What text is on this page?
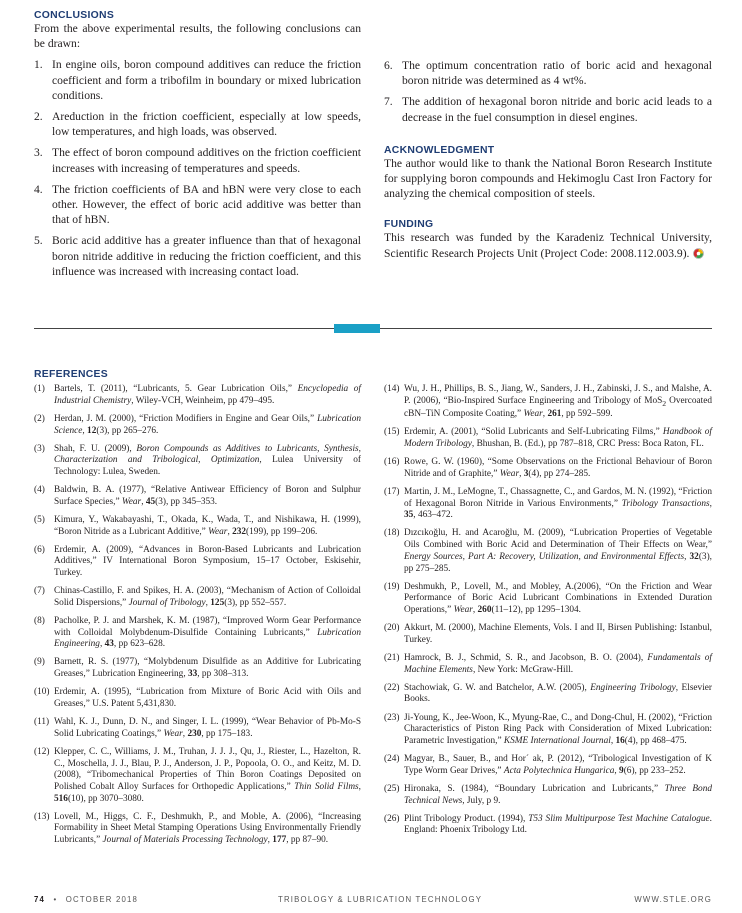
CONCLUSIONS

From the above experimental results, the following conclusions can be drawn:

1. In engine oils, boron compound additives can reduce the friction coefficient and form a tribofilm in boundary or mixed lubrication conditions.
2. Areduction in the friction coefficient, especially at low speeds, low temperatures, and high loads, was observed.
3. The effect of boron compound additives on the friction coefficient increases with increasing of temperatures and speeds.
4. The friction coefficients of BA and hBN were very close to each other. However, the effect of boric acid additive was better than that of hBN.
5. Boric acid additive has a greater influence than that of hexagonal boron nitride additive in reducing the friction coefficient, and this influence was increased with increasing contact load.
6. The optimum concentration ratio of boric acid and hexagonal boron nitride was determined as 4 wt%.
7. The addition of hexagonal boron nitride and boric acid leads to a decrease in the fuel consumption in diesel engines.
ACKNOWLEDGMENT

The author would like to thank the National Boron Research Institute for supplying boron compounds and Hekimoglu Cast Iron Factory for analyzing the chemical composition of steels.

FUNDING

This research was funded by the Karadeniz Technical University, Scientific Research Projects Unit (Project Code: 2008.112.003.9).

REFERENCES
(1) Bartels, T. (2011), “Lubricants, 5. Gear Lubrication Oils,” Encyclopedia of Industrial Chemistry, Wiley-VCH, Weinheim, pp 479–495.
(2) Herdan, J. M. (2000), “Friction Modifiers in Engine and Gear Oils,” Lubrication Science, 12(3), pp 265–276.
(3) Shah, F. U. (2009), Boron Compounds as Additives to Lubricants, Synthesis, Characterization and Tribological, Optimization, Lulea University of Technology: Lulea, Sweden.
(4) Baldwin, B. A. (1977), “Relative Antiwear Efficiency of Boron and Sulphur Surface Species,” Wear, 45(3), pp 345–353.
(5) Kimura, Y., Wakabayashi, T., Okada, K., Wada, T., and Nishikawa, H. (1999), “Boron Nitride as a Lubricant Additive,” Wear, 232(199), pp 199–206.
(6) Erdemir, A. (2009), “Advances in Boron-Based Lubricants and Lubrication Additives,” IV International Boron Symposium, 15–17 October, Eskisehir, Turkey.
(7) Chinas-Castillo, F. and Spikes, H. A. (2003), “Mechanism of Action of Colloidal Solid Dispersions,” Journal of Tribology, 125(3), pp 552–557.
(8) Pacholke, P. J. and Marshek, K. M. (1987), “Improved Worm Gear Performance with Colloidal Molybdenum-Disulfide Containing Lubricants,” Lubrication Engineering, 43, pp 623–628.
(9) Barnett, R. S. (1977), “Molybdenum Disulfide as an Additive for Lubricating Greases,” Lubrication Engineering, 33, pp 308–313.
(10) Erdemir, A. (1995), “Lubrication from Mixture of Boric Acid with Oils and Greases,” U.S. Patent 5,431,830.
(11) Wahl, K. J., Dunn, D. N., and Singer, I. L. (1999), “Wear Behavior of Pb-Mo-S Solid Lubricating Coatings,” Wear, 230, pp 175–183.
(12) Klepper, C. C., Williams, J. M., Truhan, J. J. J., Qu, J., Riester, L., Hazelton, R. C., Moschella, J. J., Blau, P. J., Anderson, J. P., Popoola, O. O., and Keitz, M. D. (2008), “Tribomechanical Properties of Thin Boron Coatings Deposited on Polished Cobalt Alloy Surfaces for Orthopedic Applications,” Thin Solid Films, 516(10), pp 3070–3080.
(13) Lovell, M., Higgs, C. F., Deshmukh, P., and Moble, A. (2006), “Increasing Formability in Sheet Metal Stamping Operations Using Environmentally Friendly Lubricants,” Journal of Materials Processing Technology, 177, pp 87–90.
(14) Wu, J. H., Phillips, B. S., Jiang, W., Sanders, J. H., Zabinski, J. S., and Malshe, A. P. (2006), “Bio-Inspired Surface Engineering and Tribology of MoS$_2$ Overcoated cBN–TiN Composite Coating,” Wear, 261, pp 592–599.
(15) Erdemir, A. (2001), “Solid Lubricants and Self-Lubricating Films,” Handbook of Modern Tribology, Bhushan, B. (Ed.), pp 787–818, CRC Press: Boca Raton, FL.
(16) Rowe, G. W. (1960), “Some Observations on the Frictional Behaviour of Boron Nitride and of Graphite,” Wear, 3(4), pp 274–285.
(17) Martin, J. M., LeMogne, T., Chassagnette, C., and Gardos, M. N. (1992), “Friction of Hexagonal Boron Nitride in Various Environments,” Tribology Transactions, 35, 463–472.
(18) Dızcıkoğlu, H. and Acaroğlu, M. (2009), “Lubrication Properties of Vegetable Oils Combined with Boric Acid and Determination of Their Effects on Wear,” Energy Sources, Part A: Recovery, Utilization, and Environmental Effects, 32(3), pp 275–285.
(19) Deshmukh, P., Lovell, M., and Mobley, A.(2006), “On the Friction and Wear Performance of Boric Acid Lubricant Combinations in Extended Duration Operations,” Wear, 260(11–12), pp 1295–1304.
(20) Akkurt, M. (2000), Machine Elements, Vols. I and II, Birsen Publishing: Istanbul, Turkey.
(21) Hamrock, B. J., Schmid, S. R., and Jacobson, B. O. (2004), Fundamentals of Machine Elements, New York: McGraw-Hill.
(22) Stachowiak, G. W. and Batchelor, A.W. (2005), Engineering Tribology, Elsevier Books.
(23) Ji-Young, K., Jee-Woon, K., Myung-Rae, C., and Dong-Chul, H. (2002), “Friction Characteristics of Piston Ring Pack with Consideration of Mixed Lubrication: Parametric Investigation,” KSME International Journal, 16(4), pp 468–475.
(24) Magyar, B., Sauer, B., and Hor´ ak, P. (2012), “Tribological Investigation of K Type Worm Gear Drives,” Acta Polytechnica Hungarica, 9(6), pp 233–252.
(25) Hironaka, S. (1984), “Boundary Lubrication and Lubricants,” Three Bond Technical News, July, p 9.
(26) Plint Tribology Product. (1994), T53 Slim Multipurpose Test Machine Catalogue. England: Phoenix Tribology Ltd.
74 • OCTOBER 2018	TRIBOLOGY & LUBRICATION TECHNOLOGY	WWW.STLE.ORG
